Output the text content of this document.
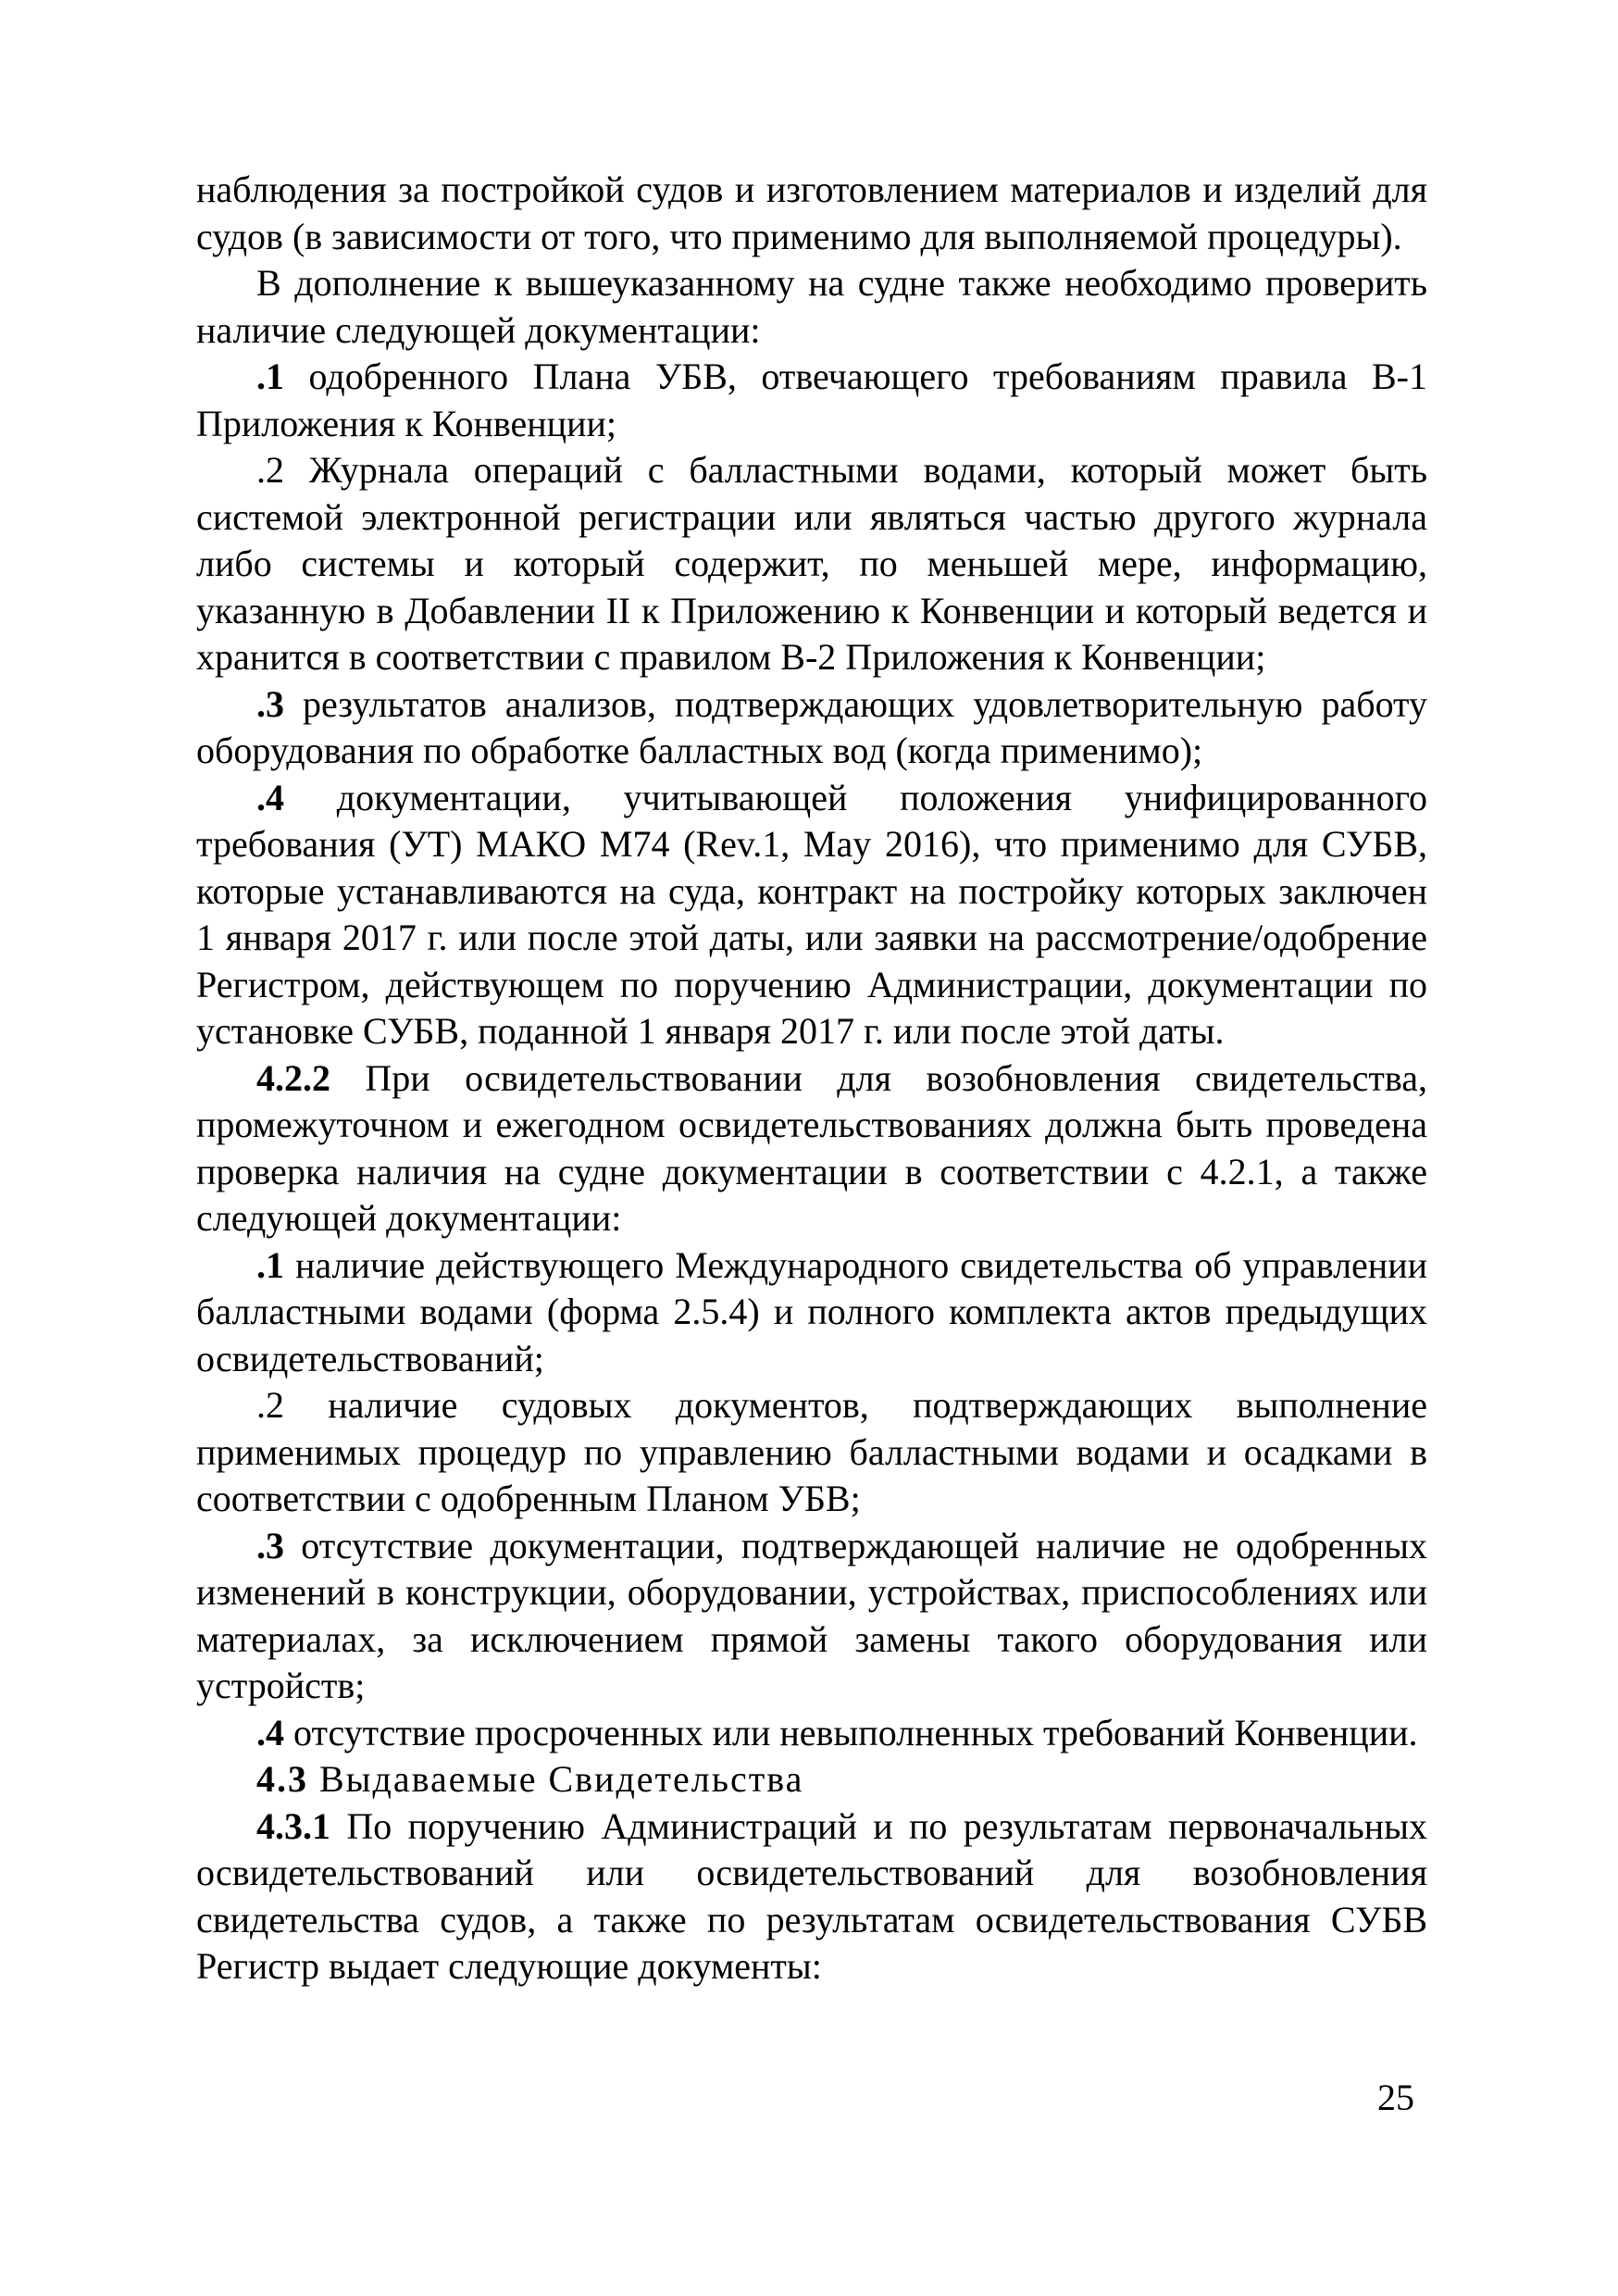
наблюдения за постройкой судов и изготовлением материалов и изделий для судов (в зависимости от того, что применимо для выполняемой процедуры).

В дополнение к вышеуказанному на судне также необходимо проверить наличие следующей документации:

.1 одобренного Плана УБВ, отвечающего требованиям правила В-1 Приложения к Конвенции;

.2 Журнала операций с балластными водами, который может быть системой электронной регистрации или являться частью другого журнала либо системы и который содержит, по меньшей мере, информацию, указанную в Добавлении II к Приложению к Конвенции и который ведется и хранится в соответствии с правилом В-2 Приложения к Конвенции;

.3 результатов анализов, подтверждающих удовлетворительную работу оборудования по обработке балластных вод (когда применимо);

.4 документации, учитывающей положения унифицированного требования (УТ) МАКО М74 (Rev.1, May 2016), что применимо для СУБВ, которые устанавливаются на суда, контракт на постройку которых заключен 1 января 2017 г. или после этой даты, или заявки на рассмотрение/одобрение Регистром, действующем по поручению Администрации, документации по установке СУБВ, поданной 1 января 2017 г. или после этой даты.

4.2.2 При освидетельствовании для возобновления свидетельства, промежуточном и ежегодном освидетельствованиях должна быть проведена проверка наличия на судне документации в соответствии с 4.2.1, а также следующей документации:

.1 наличие действующего Международного свидетельства об управлении балластными водами (форма 2.5.4) и полного комплекта актов предыдущих освидетельствований;

.2 наличие судовых документов, подтверждающих выполнение применимых процедур по управлению балластными водами и осадками в соответствии с одобренным Планом УБВ;

.3 отсутствие документации, подтверждающей наличие не одобренных изменений в конструкции, оборудовании, устройствах, приспособлениях или материалах, за исключением прямой замены такого оборудования или устройств;

.4 отсутствие просроченных или невыполненных требований Конвенции.

4.3 Выдаваемые Свидетельства

4.3.1 По поручению Администраций и по результатам первоначальных освидетельствований или освидетельствований для возобновления свидетельства судов, а также по результатам освидетельствования СУБВ Регистр выдает следующие документы:

25
